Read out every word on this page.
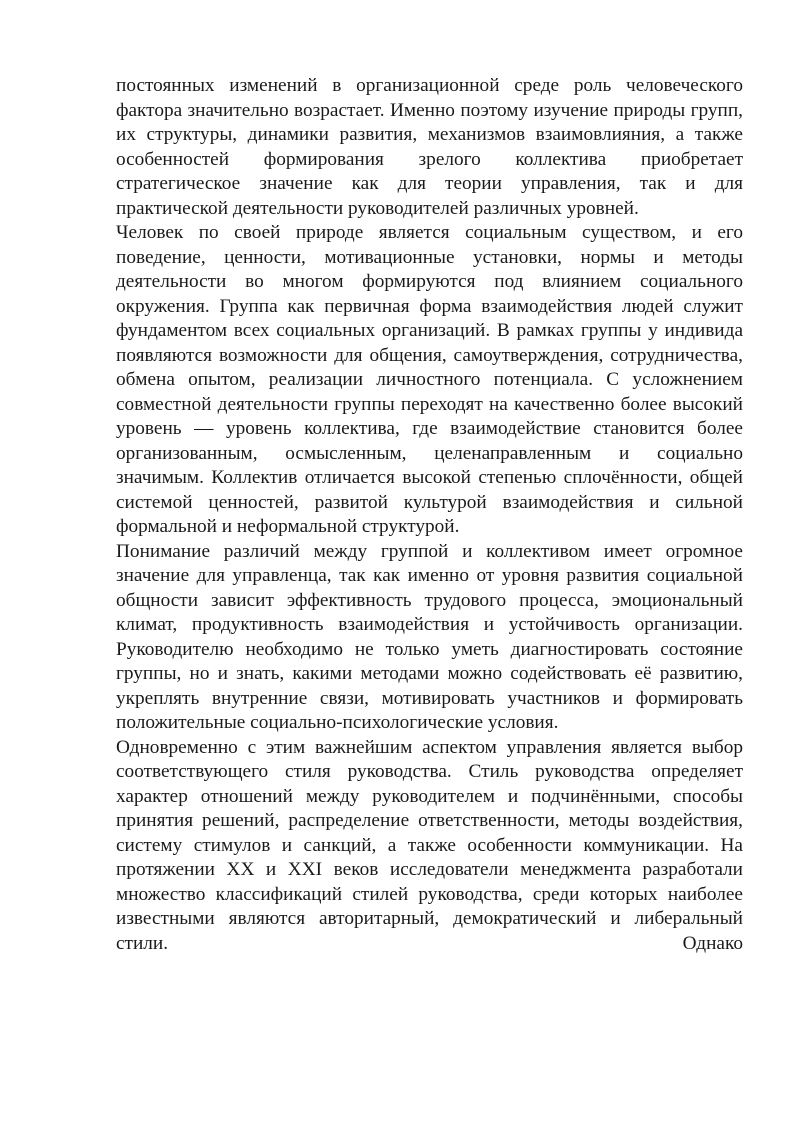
постоянных изменений в организационной среде роль человеческого фактора значительно возрастает. Именно поэтому изучение природы групп, их структуры, динамики развития, механизмов взаимовлияния, а также особенностей формирования зрелого коллектива приобретает стратегическое значение как для теории управления, так и для практической деятельности руководителей различных уровней.

Человек по своей природе является социальным существом, и его поведение, ценности, мотивационные установки, нормы и методы деятельности во многом формируются под влиянием социального окружения. Группа как первичная форма взаимодействия людей служит фундаментом всех социальных организаций. В рамках группы у индивида появляются возможности для общения, самоутверждения, сотрудничества, обмена опытом, реализации личностного потенциала. С усложнением совместной деятельности группы переходят на качественно более высокий уровень — уровень коллектива, где взаимодействие становится более организованным, осмысленным, целенаправленным и социально значимым. Коллектив отличается высокой степенью сплочённости, общей системой ценностей, развитой культурой взаимодействия и сильной формальной и неформальной структурой.

Понимание различий между группой и коллективом имеет огромное значение для управленца, так как именно от уровня развития социальной общности зависит эффективность трудового процесса, эмоциональный климат, продуктивность взаимодействия и устойчивость организации. Руководителю необходимо не только уметь диагностировать состояние группы, но и знать, какими методами можно содействовать её развитию, укреплять внутренние связи, мотивировать участников и формировать положительные социально-психологические условия.

Одновременно с этим важнейшим аспектом управления является выбор соответствующего стиля руководства. Стиль руководства определяет характер отношений между руководителем и подчинёнными, способы принятия решений, распределение ответственности, методы воздействия, систему стимулов и санкций, а также особенности коммуникации. На протяжении XX и XXI веков исследователи менеджмента разработали множество классификаций стилей руководства, среди которых наиболее известными являются авторитарный, демократический и либеральный стили. Однако
